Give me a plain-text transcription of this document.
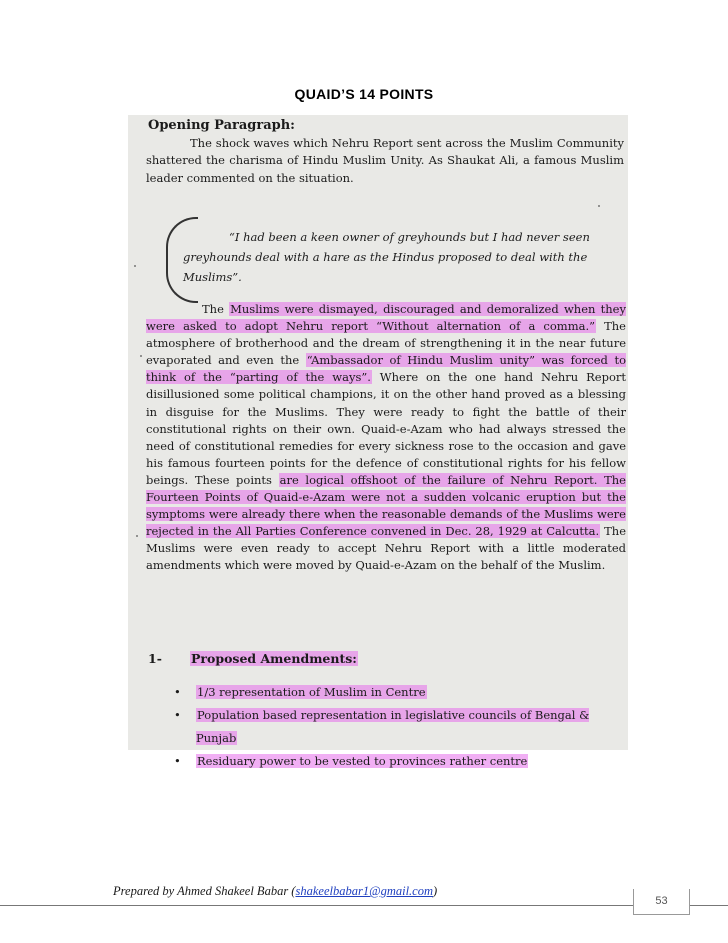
QUAID’S 14 POINTS
Opening Paragraph:
The shock waves which Nehru Report sent across the Muslim Community shattered the charisma of Hindu Muslim Unity. As Shaukat Ali, a famous Muslim leader commented on the situation.
“I had been a keen owner of greyhounds but I had never seen greyhounds deal with a hare as the Hindus proposed to deal with the Muslims”.
The Muslims were dismayed, discouraged and demoralized when they were asked to adopt Nehru report “Without alternation of a comma.” The atmosphere of brotherhood and the dream of strengthening it in the near future evaporated and even the “Ambassador of Hindu Muslim unity” was forced to think of the “parting of the ways”. Where on the one hand Nehru Report disillusioned some political champions, it on the other hand proved as a blessing in disguise for the Muslims. They were ready to fight the battle of their constitutional rights on their own. Quaid-e-Azam who had always stressed the need of constitutional remedies for every sickness rose to the occasion and gave his famous fourteen points for the defence of constitutional rights for his fellow beings. These points are logical offshoot of the failure of Nehru Report. The Fourteen Points of Quaid-e-Azam were not a sudden volcanic eruption but the symptoms were already there when the reasonable demands of the Muslims were rejected in the All Parties Conference convened in Dec. 28, 1929 at Calcutta. The Muslims were even ready to accept Nehru Report with a little moderated amendments which were moved by Quaid-e-Azam on the behalf of the Muslim.
1- Proposed Amendments:
• 1/3 representation of Muslim in Centre
• Population based representation in legislative councils of Bengal & Punjab
• Residuary power to be vested to provinces rather centre
Prepared by Ahmed Shakeel Babar (shakeelbabar1@gmail.com)
53
